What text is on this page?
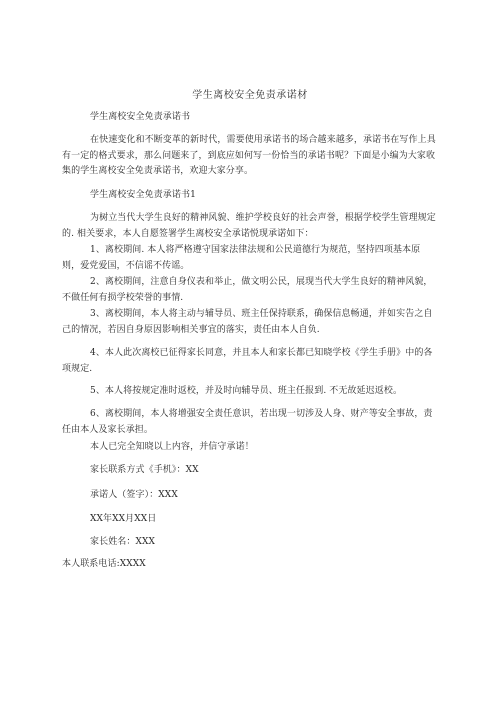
学生离校安全免责承诺材
学生离校安全免责承诺书
在快速变化和不断变革的新时代，需要使用承诺书的场合越来越多，承诺书在写作上具有一定的格式要求，那么问题来了，到底应如何写一份恰当的承诺书呢？下面是小编为大家收集的学生离校安全免责承诺书，欢迎大家分享。
学生离校安全免责承诺书1
为树立当代大学生良好的精神风貌、维护学校良好的社会声誉，根据学校学生管理规定的. 相关要求，本人自愿签署学生离校安全承诺悦现承诺如下：
1、离校期间. 本人将严格遵守国家法律法规和公民道德行为规范，坚持四项基本原则，爱党爱国，不信谣不传谣。
2、离校期间，注意自身仪表和举止，做文明公民，展现当代大学生良好的精神风貌，不做任何有损学校荣誉的事情.
3、离校期间，本人将主动与辅导员、班主任保持联系，确保信息畅通，并如实告之自己的情况，若因自身原因影响相关事宜的落实，责任由本人自负.
4、本人此次离校已征得家长同意，并且本人和家长都已知晓学校《学生手册》中的各项规定.
5、本人将按规定准时返校，并及时向辅导员、班主任报到. 不无故延迟返校。
6、离校期间，本人将增强安全责任意识，若出现一切涉及人身、财产等安全事故，责任由本人及家长承担。
本人已完全知晓以上内容，并信守承诺！
家长联系方式《手机》：XX
承诺人（签字）：XXX
XX年XX月XX日
家长姓名：XXX
本人联系电话:XXXX
